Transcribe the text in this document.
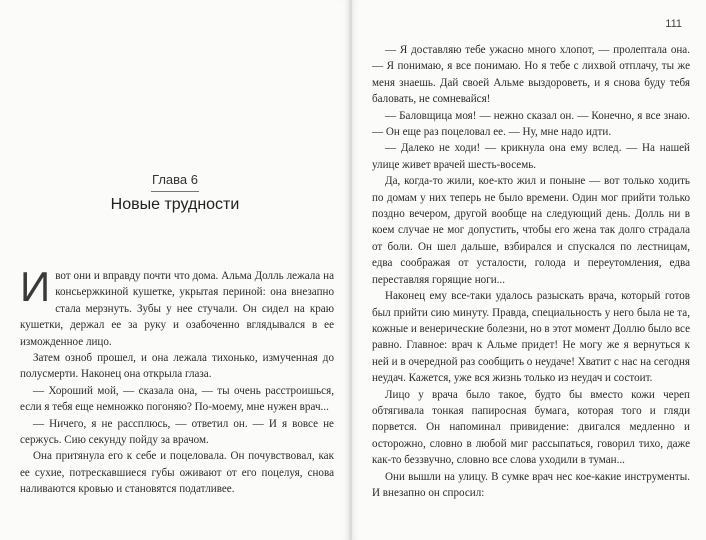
Глава 6
Новые трудности

Ивот они и вправду почти что дома. Альма Долль лежала на консьержкиной кушетке, укрытая периной: она внезапно стала мерзнуть. Зубы у нее стучали. Он сидел на краю кушетки, держал ее за руку и озабоченно вглядывался в ее изможденное лицо.

Затем озноб прошел, и она лежала тихонько, измученная до полусмерти. Наконец она открыла глаза.

— Хороший мой, — сказала она, — ты очень расстроишься, если я тебя еще немножко погоняю? По-моему, мне нужен врач...

— Ничего, я не рассплюсь, — ответил он. — И я вовсе не сержусь. Сию секунду пойду за врачом.

Она притянула его к себе и поцеловала. Он почувствовал, как ее сухие, потрескавшиеся губы оживают от его поцелуя, снова наливаются кровью и становятся податливее.

111

— Я доставляю тебе ужасно много хлопот, — пролептала она. — Я понимаю, я все понимаю. Но я тебе с лихвой отплачу, ты же меня знаешь. Дай своей Альме выздороветь, и я снова буду тебя баловать, не сомневайся!

— Баловщица моя! — нежно сказал он. — Конечно, я все знаю. — Он еще раз поцеловал ее. — Ну, мне надо идти.

— Далеко не ходи! — крикнула она ему вслед. — На нашей улице живет врачей шесть-восемь.

Да, когда-то жили, кое-кто жил и поныне — вот только ходить по домам у них теперь не было времени. Один мог прийти только поздно вечером, другой вообще на следующий день. Долль ни в коем случае не мог допустить, чтобы его жена так долго страдала от боли. Он шел дальше, взбирался и спускался по лестницам, едва соображая от усталости, голода и переутомления, едва переставляя горящие ноги...

Наконец ему все-таки удалось разыскать врача, который готов был прийти сию минуту. Правда, специальность у него была не та, кожные и венерические болезни, но в этот момент Доллю было все равно. Главное: врач к Альме придет! Не могу же я вернуться к ней и в очередной раз сообщить о неудаче! Хватит с нас на сегодня неудач. Кажется, уже вся жизнь только из неудач и состоит.

Лицо у врача было такое, будто бы вместо кожи череп обтягивала тонкая папиросная бумага, которая того и гляди порвется. Он напоминал привидение: двигался медленно и осторожно, словно в любой миг рассыпаться, говорил тихо, даже как-то беззвучно, словно все слова уходили в туман...

Они вышли на улицу. В сумке врач нес кое-какие инструменты. И внезапно он спросил:
